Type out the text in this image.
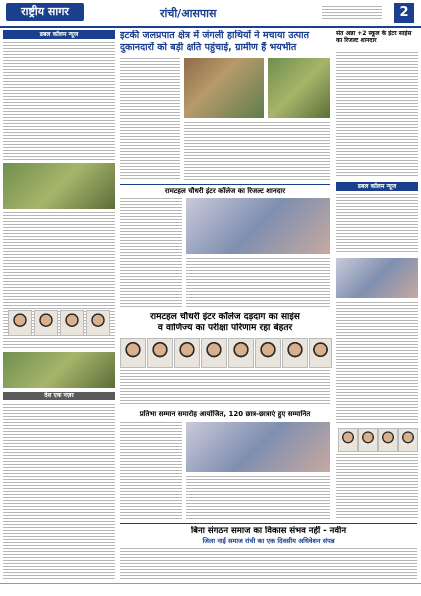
राष्ट्रीय सागर	रांची/आसपास	2
डबल कॉलम न्यूज
देश एक नज़र
इटकी जलप्रपात क्षेत्र में जंगली हाथियों ने मचाया उत्पात
दुकानदारों को बड़ी क्षति पहुंचाई, ग्रामीण हैं भयभीत
रामटहल चौधरी इंटर कॉलेज का रिजल्ट शानदार
रामटहल चौधरी इंटर कॉलेज दड़दाग का साइंस
व वाणिज्य का परीक्षा परिणाम रहा बेहतर
प्रतिभा सम्मान समारोह आयोजित, 120 छात्र-छात्राएं हुए सम्मानित
बिना संगठन समाज का विकास संभव नहीं - नवीन
जिला नाई समाज रांची का एक दिवसीय अधिवेशन संपन्न
संत अन्ना +2 स्कूल के इंटर साइंस का रिजल्ट शानदार
डबल कॉलम न्यूज
